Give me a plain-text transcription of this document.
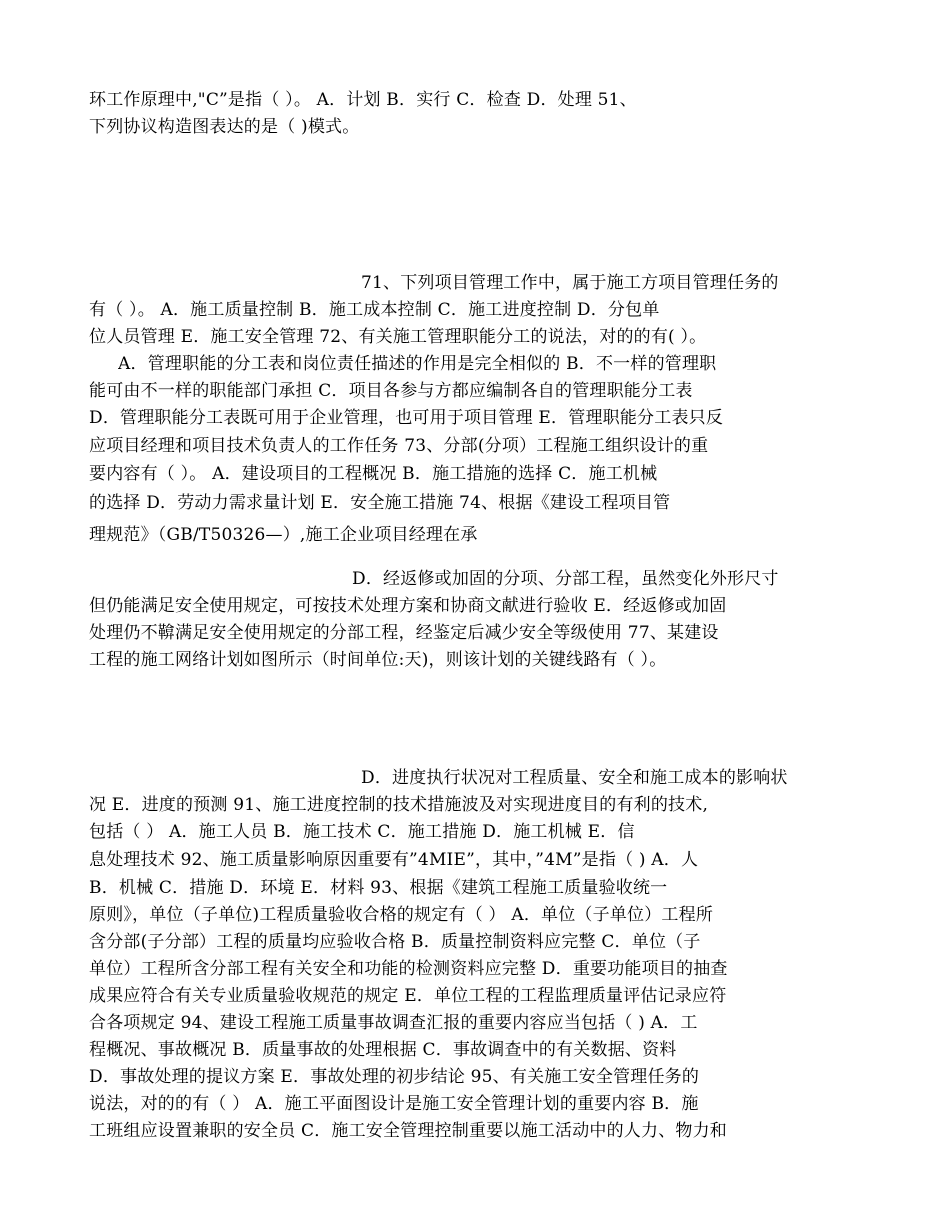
环工作原理中,"C”是指（ ）。 A．计划 B．实行 C．检查 D．处理 51、
下列协议构造图表达的是（ )模式。
71、下列项目管理工作中，属于施工方项目管理任务的
有（ ）。 A．施工质量控制 B．施工成本控制 C．施工进度控制 D．分包单
位人员管理 E．施工安全管理 72、有关施工管理职能分工的说法，对的的有( ）。
A．管理职能的分工表和岗位责任描述的作用是完全相似的 B．不一样的管理职
能可由不一样的职能部门承担 C．项目各参与方都应编制各自的管理职能分工表
D．管理职能分工表既可用于企业管理，也可用于项目管理 E．管理职能分工表只反
应项目经理和项目技术负责人的工作任务 73、分部(分项）工程施工组织设计的重
要内容有（ ）。 A．建设项目的工程概况 B．施工措施的选择 C．施工机械
的选择 D．劳动力需求量计划 E．安全施工措施 74、根据《建设工程项目管
理规范》（GB/T50326—）,施工企业项目经理在承
D．经返修或加固的分项、分部工程，虽然变化外形尺寸
但仍能满足安全使用规定，可按技术处理方案和协商文献进行验收 E．经返修或加固
处理仍不鞥满足安全使用规定的分部工程，经鉴定后减少安全等级使用 77、某建设
工程的施工网络计划如图所示（时间单位:天)，则该计划的关键线路有（ ）。
D．进度执行状况对工程质量、安全和施工成本的影响状
况 E．进度的预测 91、施工进度控制的技术措施波及对实现进度目的有利的技术,
包括（ ） A．施工人员 B．施工技术 C．施工措施 D．施工机械 E．信
息处理技术 92、施工质量影响原因重要有”4MIE”，其中，”4M”是指（ ) A．人
B．机械 C．措施 D．环境 E．材料 93、根据《建筑工程施工质量验收统一
原则》，单位（子单位)工程质量验收合格的规定有（ ） A．单位（子单位）工程所
含分部(子分部）工程的质量均应验收合格 B．质量控制资料应完整 C．单位（子
单位）工程所含分部工程有关安全和功能的检测资料应完整 D．重要功能项目的抽查
成果应符合有关专业质量验收规范的规定 E．单位工程的工程监理质量评估记录应符
合各项规定 94、建设工程施工质量事故调查汇报的重要内容应当包括（ ) A．工
程概况、事故概况 B．质量事故的处理根据 C．事故调查中的有关数据、资料
D．事故处理的提议方案 E．事故处理的初步结论 95、有关施工安全管理任务的
说法，对的的有（ ） A．施工平面图设计是施工安全管理计划的重要内容 B．施
工班组应设置兼职的安全员 C．施工安全管理控制重要以施工活动中的人力、物力和
